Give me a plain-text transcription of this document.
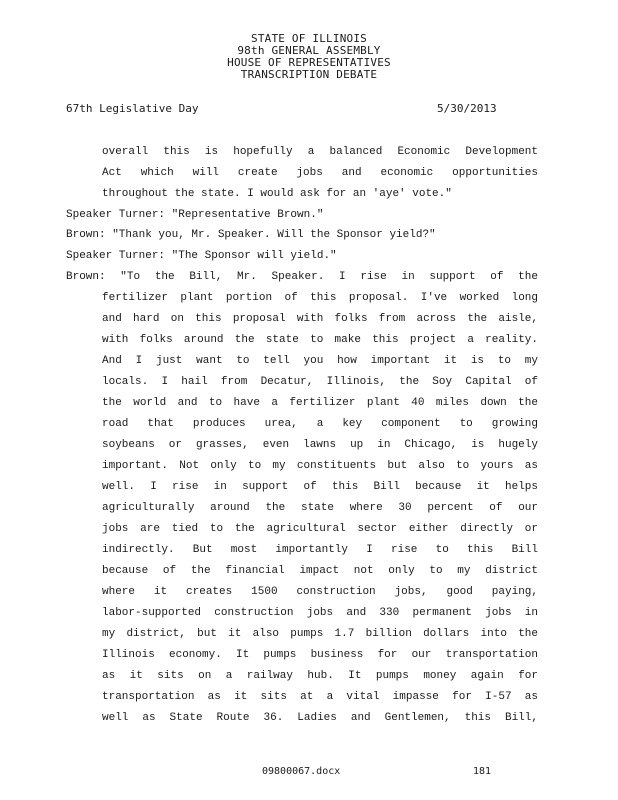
STATE OF ILLINOIS
98th GENERAL ASSEMBLY
HOUSE OF REPRESENTATIVES
TRANSCRIPTION DEBATE
67th Legislative Day	5/30/2013
overall this is hopefully a balanced Economic Development
Act which will create jobs and economic opportunities
throughout the state. I would ask for an 'aye' vote."
Speaker Turner: "Representative Brown."
Brown: "Thank you, Mr. Speaker. Will the Sponsor yield?"
Speaker Turner: "The Sponsor will yield."
Brown: "To the Bill, Mr. Speaker. I rise in support of the
fertilizer plant portion of this proposal. I've worked long
and hard on this proposal with folks from across the aisle,
with folks around the state to make this project a reality.
And I just want to tell you how important it is to my
locals. I hail from Decatur, Illinois, the Soy Capital of
the world and to have a fertilizer plant 40 miles down the
road that produces urea, a key component to growing
soybeans or grasses, even lawns up in Chicago, is hugely
important. Not only to my constituents but also to yours as
well. I rise in support of this Bill because it helps
agriculturally around the state where 30 percent of our
jobs are tied to the agricultural sector either directly or
indirectly. But most importantly I rise to this Bill
because of the financial impact not only to my district
where it creates 1500 construction jobs, good paying,
labor-supported construction jobs and 330 permanent jobs in
my district, but it also pumps 1.7 billion dollars into the
Illinois economy. It pumps business for our transportation
as it sits on a railway hub. It pumps money again for
transportation as it sits at a vital impasse for I-57 as
well as State Route 36. Ladies and Gentlemen, this Bill,
09800067.docx	181
